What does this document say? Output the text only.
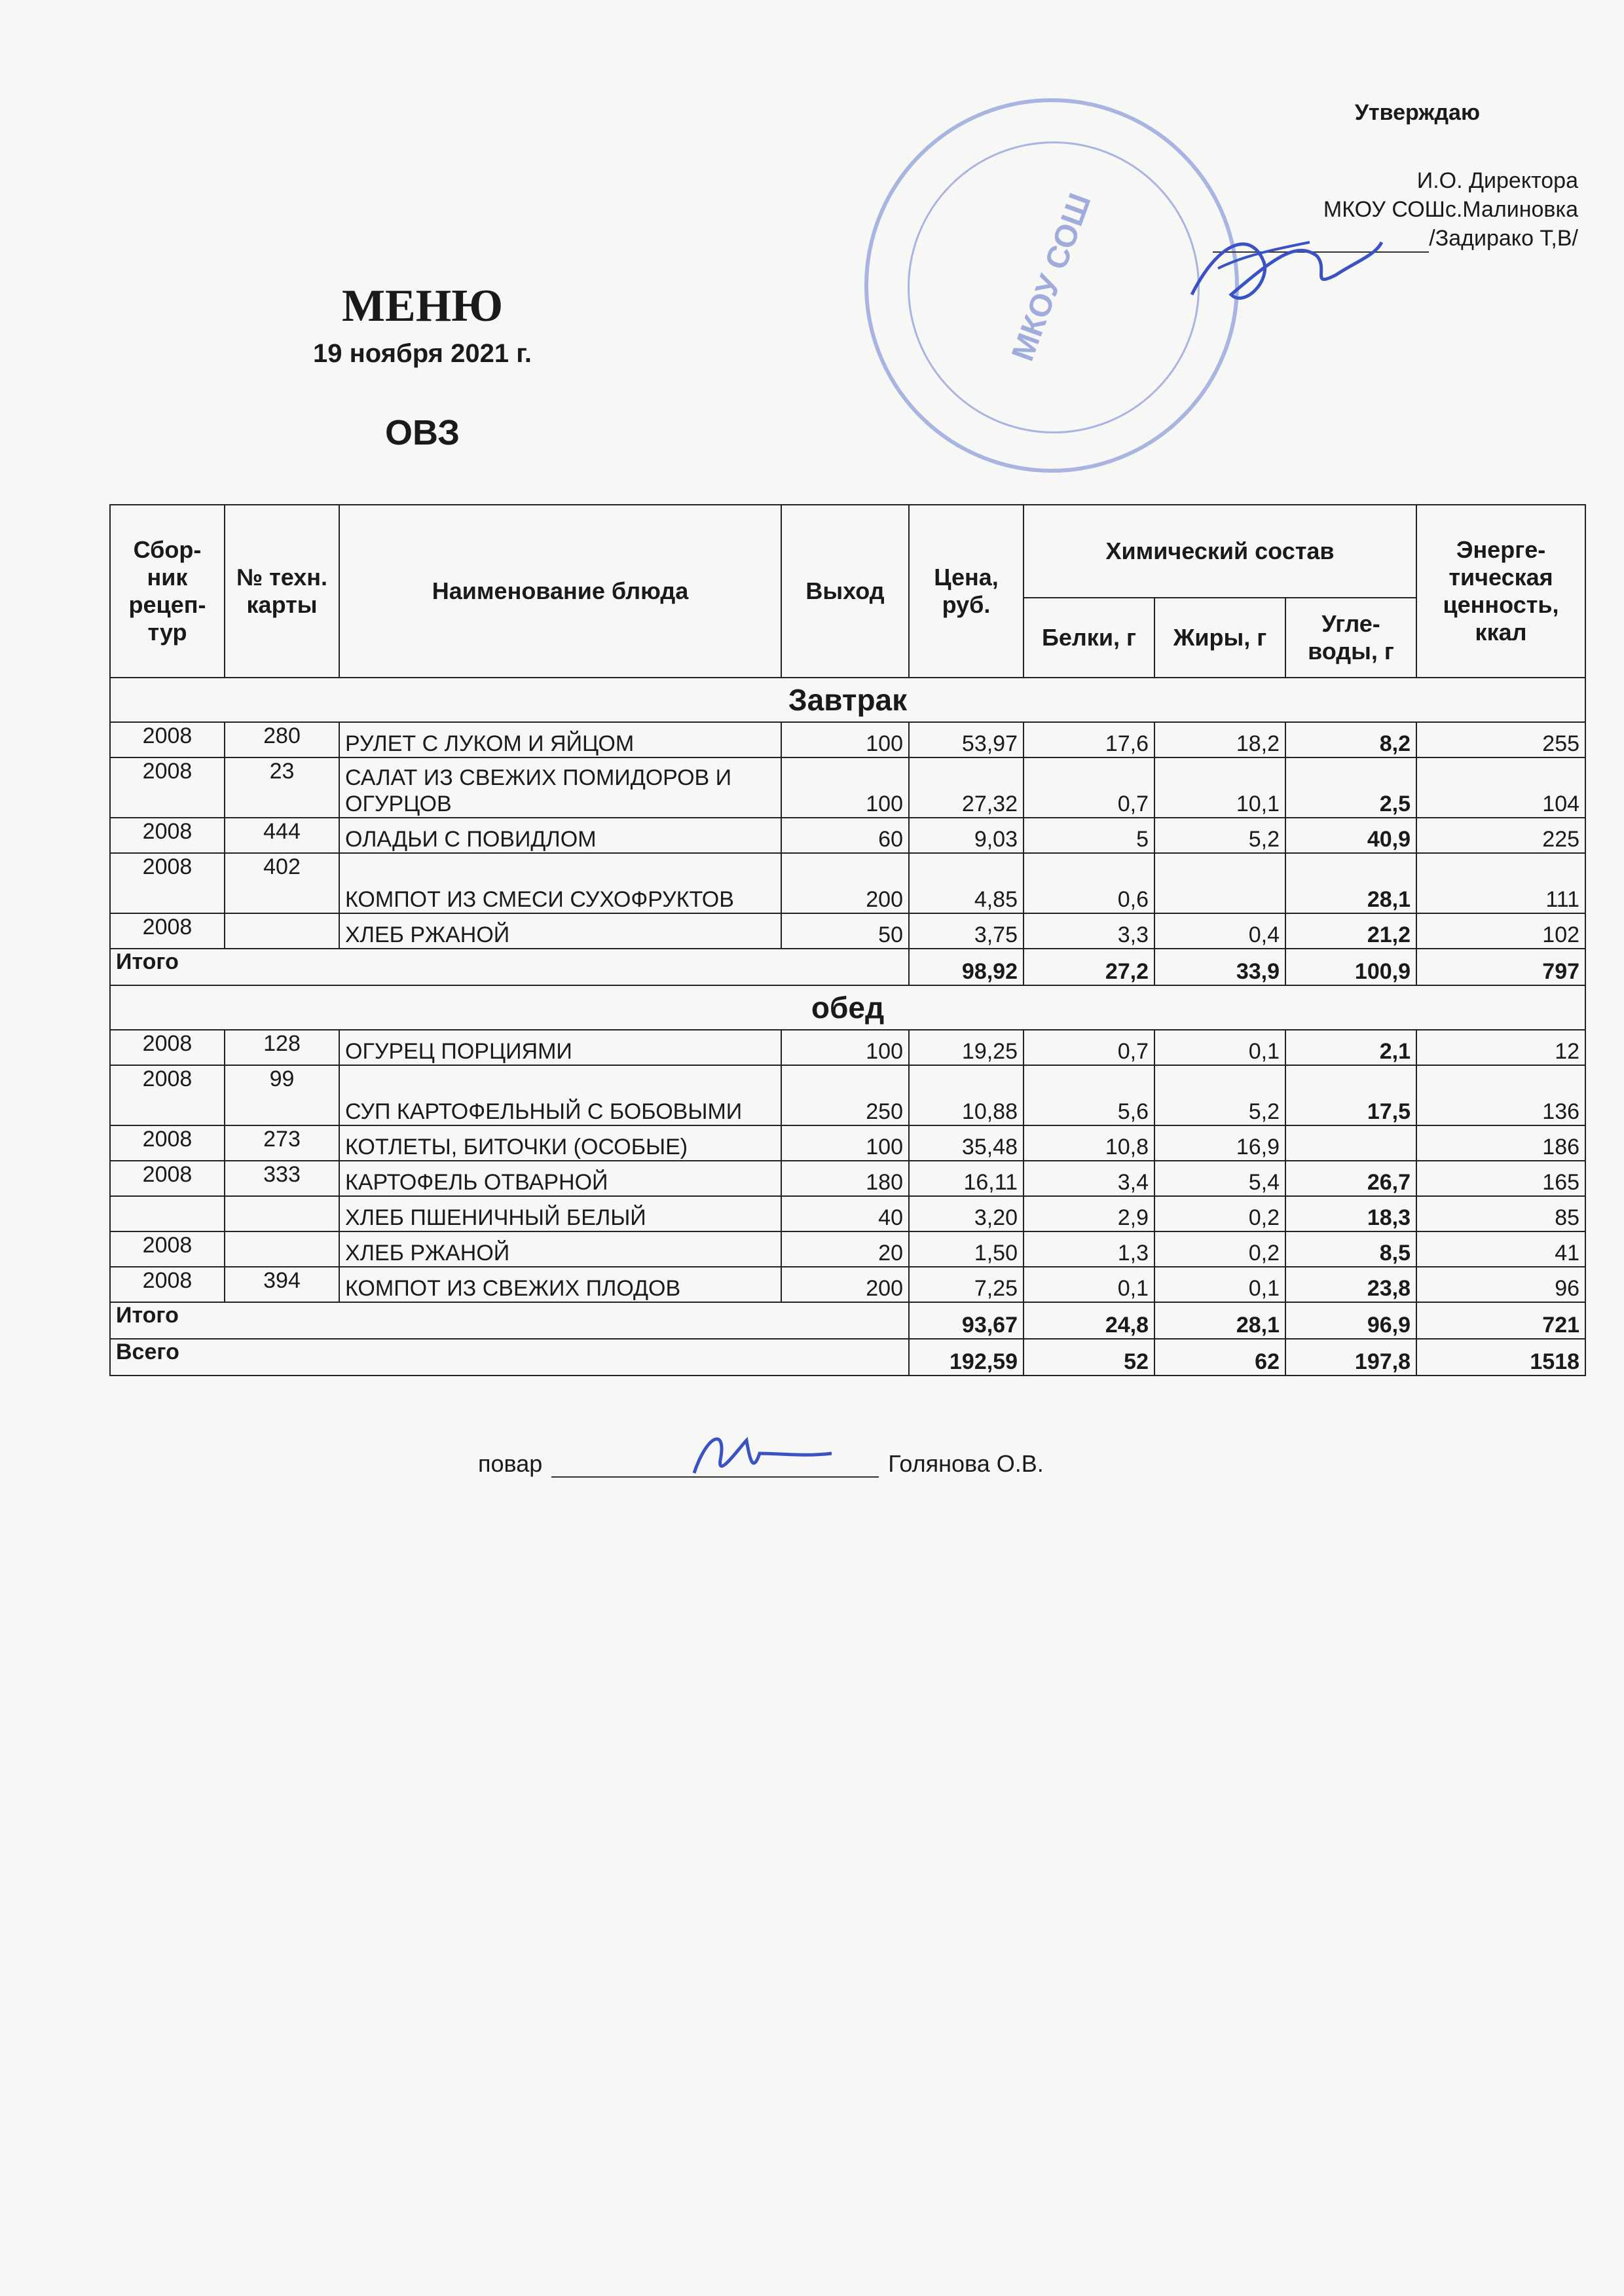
МКОУ СОШ
Утверждаю
И.О. Директора
МКОУ СОШс.Малиновка
/Задирако Т,В/
МЕНЮ
19 ноября 2021 г.
ОВЗ
Сбор-ник рецеп-тур	№ техн. карты	Наименование блюда	Выход	Цена, руб.	Химический состав			Энерге-тическая ценность, ккал
					Белки, г	Жиры, г	Угле-воды, г	
Завтрак								
2008	280	РУЛЕТ С ЛУКОМ И ЯЙЦОМ	100	53,97	17,6	18,2	8,2	255
2008	23	САЛАТ ИЗ СВЕЖИХ ПОМИДОРОВ И ОГУРЦОВ	100	27,32	0,7	10,1	2,5	104
2008	444	ОЛАДЬИ С ПОВИДЛОМ	60	9,03	5	5,2	40,9	225
2008	402	КОМПОТ ИЗ СМЕСИ СУХОФРУКТОВ	200	4,85	0,6		28,1	111
2008		ХЛЕБ РЖАНОЙ	50	3,75	3,3	0,4	21,2	102
Итого				98,92	27,2	33,9	100,9	797
обед								
2008	128	ОГУРЕЦ ПОРЦИЯМИ	100	19,25	0,7	0,1	2,1	12
2008	99	СУП КАРТОФЕЛЬНЫЙ С БОБОВЫМИ	250	10,88	5,6	5,2	17,5	136
2008	273	КОТЛЕТЫ, БИТОЧКИ (ОСОБЫЕ)	100	35,48	10,8	16,9		186
2008	333	КАРТОФЕЛЬ ОТВАРНОЙ	180	16,11	3,4	5,4	26,7	165
		ХЛЕБ ПШЕНИЧНЫЙ БЕЛЫЙ	40	3,20	2,9	0,2	18,3	85
2008		ХЛЕБ РЖАНОЙ	20	1,50	1,3	0,2	8,5	41
2008	394	КОМПОТ ИЗ СВЕЖИХ ПЛОДОВ	200	7,25	0,1	0,1	23,8	96
Итого				93,67	24,8	28,1	96,9	721
Всего				192,59	52	62	197,8	1518
повар	Голянова О.В.
